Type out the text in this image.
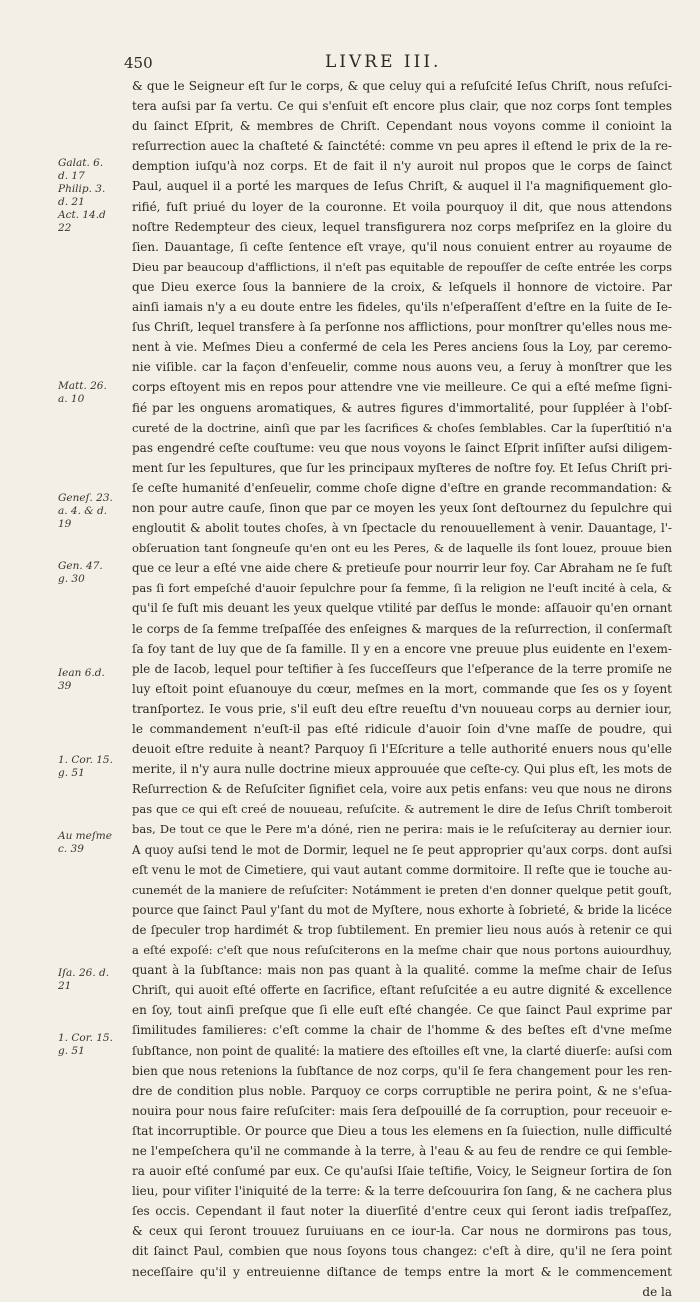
450	LIVRE III.
Galat. 6.
d. 17
Philip. 3.
d. 21
Act. 14.d
22
Matt. 26.
a. 10
Geneſ. 23.
a. 4. & d.
19
Gen. 47.
g. 30
Iean 6.d.
39
1. Cor. 15.
g. 51
Au meſme
c. 39
Iſa. 26. d.
21
1. Cor. 15.
g. 51
& que le Seigneur eſt ſur le corps, & que celuy qui a reſuſcité Ieſus Chriſt, nous reſuſci-
tera auſsi par ſa vertu. Ce qui s'enſuit eſt encore plus clair, que noz corps ſont temples
du ſainct Eſprit, & membres de Chriſt. Cependant nous voyons comme il conioint la
reſurrection auec la chaſteté & ſainctété: comme vn peu apres il eſtend le prix de la re-
demption iuſqu'à noz corps. Et de fait il n'y auroit nul propos que le corps de ſainct
Paul, auquel il a porté les marques de Ieſus Chriſt, & auquel il l'a magnifiquement glo-
rifié, fuſt priué du loyer de la couronne. Et voila pourquoy il dit, que nous attendons
noſtre Redempteur des cieux, lequel transfigurera noz corps meſpriſez en la gloire du
ſien. Dauantage, ſi ceſte ſentence eſt vraye, qu'il nous conuient entrer au royaume de
Dieu par beaucoup d'afflictions, il n'eſt pas equitable de repouſſer de ceſte entrée les corps
que Dieu exerce ſous la banniere de la croix, & leſquels il honnore de victoire. Par
ainſi iamais n'y a eu doute entre les fideles, qu'ils n'eſperaſſent d'eſtre en la ſuite de Ie-
ſus Chriſt, lequel transfere à ſa perſonne nos afflictions, pour monſtrer qu'elles nous me-
nent à vie. Meſmes Dieu a confermé de cela les Peres anciens ſous la Loy, par ceremo-
nie viſible. car la façon d'enſeuelir, comme nous auons veu, a ſeruy à monſtrer que les
corps eſtoyent mis en repos pour attendre vne vie meilleure. Ce qui a eſté meſme ſigni-
fié par les onguens aromatiques, & autres figures d'immortalité, pour ſuppléer à l'obſ-
cureté de la doctrine, ainſi que par les ſacrifices & choſes ſemblables. Car la ſuperſtitió n'a
pas engendré ceſte couſtume: veu que nous voyons le ſainct Eſprit inſiſter auſsi diligem-
ment ſur les ſepultures, que ſur les principaux myſteres de noſtre foy. Et Ieſus Chriſt pri-
ſe ceſte humanité d'enſeuelir, comme choſe digne d'eſtre en grande recommandation: &
non pour autre cauſe, ſinon que par ce moyen les yeux ſont deſtournez du ſepulchre qui
engloutit & abolit toutes choſes, à vn ſpectacle du renouuellement à venir. Dauantage, l'-
obſeruation tant ſongneuſe qu'en ont eu les Peres, & de laquelle ils ſont louez, prouue bien
que ce leur a eſté vne aide chere & pretieuſe pour nourrir leur foy. Car Abraham ne ſe fuſt
pas ſi fort empeſché d'auoir ſepulchre pour ſa femme, ſi la religion ne l'euſt incité à cela, &
qu'il ſe fuſt mis deuant les yeux quelque vtilité par deſſus le monde: aſſauoir qu'en ornant
le corps de ſa femme treſpaſſée des enſeignes & marques de la reſurrection, il conſermaſt
ſa foy tant de luy que de ſa famille. Il y en a encore vne preuue plus euidente en l'exem-
ple de Iacob, lequel pour teſtifier à ſes ſucceſſeurs que l'eſperance de la terre promiſe ne
luy eſtoit point eſuanouye du cœur, meſmes en la mort, commande que ſes os y ſoyent
tranſportez. Ie vous prie, s'il euſt deu eſtre reueſtu d'vn nouueau corps au dernier iour,
le commandement n'euſt-il pas eſté ridicule d'auoir ſoin d'vne maſſe de poudre, qui
deuoit eſtre reduite à neant? Parquoy ſi l'Eſcriture a telle authorité enuers nous qu'elle
merite, il n'y aura nulle doctrine mieux approuuée que ceſte-cy. Qui plus eſt, les mots de
Reſurrection & de Reſuſciter ſignifiet cela, voire aux petis enfans: veu que nous ne dirons
pas que ce qui eſt creé de nouueau, reſuſcite. & autrement le dire de Ieſus Chriſt tomberoit
bas, De tout ce que le Pere m'a dóné, rien ne perira: mais ie le reſuſciteray au dernier iour.
A quoy auſsi tend le mot de Dormir, lequel ne ſe peut approprier qu'aux corps. dont auſsi
eſt venu le mot de Cimetiere, qui vaut autant comme dormitoire. Il reſte que ie touche au-
cunemét de la maniere de reſuſciter: Notámment ie preten d'en donner quelque petit gouſt,
pource que ſainct Paul y'ſant du mot de Myſtere, nous exhorte à ſobrieté, & bride la licéce
de ſpeculer trop hardimét & trop ſubtilement. En premier lieu nous auós à retenir ce qui
a eſté expoſé: c'eſt que nous reſuſciterons en la meſme chair que nous portons auiourdhuy,
quant à la ſubſtance: mais non pas quant à la qualité. comme la meſme chair de Ieſus
Chriſt, qui auoit eſté offerte en ſacrifice, eſtant reſuſcitée a eu autre dignité & excellence
en ſoy, tout ainſi preſque que ſi elle euſt eſté changée. Ce que ſainct Paul exprime par
ſimilitudes familieres: c'eſt comme la chair de l'homme & des beſtes eſt d'vne meſme
ſubſtance, non point de qualité: la matiere des eſtoilles eſt vne, la clarté diuerſe: auſsi com
bien que nous retenions la ſubſtance de noz corps, qu'il ſe fera changement pour les ren-
dre de condition plus noble. Parquoy ce corps corruptible ne perira point, & ne s'eſua-
nouira pour nous faire reſuſciter: mais ſera deſpouillé de ſa corruption, pour receuoir e-
ſtat incorruptible. Or pource que Dieu a tous les elemens en ſa ſuiection, nulle difficulté
ne l'empeſchera qu'il ne commande à la terre, à l'eau & au feu de rendre ce qui ſemble-
ra auoir eſté conſumé par eux. Ce qu'auſsi Iſaie teſtifie, Voicy, le Seigneur ſortira de ſon
lieu, pour viſiter l'iniquité de la terre: & la terre deſcouurira ſon ſang, & ne cachera plus
ſes occis. Cependant il faut noter la diuerſité d'entre ceux qui ſeront iadis treſpaſſez,
& ceux qui ſeront trouuez ſuruiuans en ce iour-la. Car nous ne dormirons pas tous,
dit ſainct Paul, combien que nous ſoyons tous changez: c'eſt à dire, qu'il ne ſera point
neceſſaire qu'il y entreuienne diſtance de temps entre la mort & le commencement
de la
